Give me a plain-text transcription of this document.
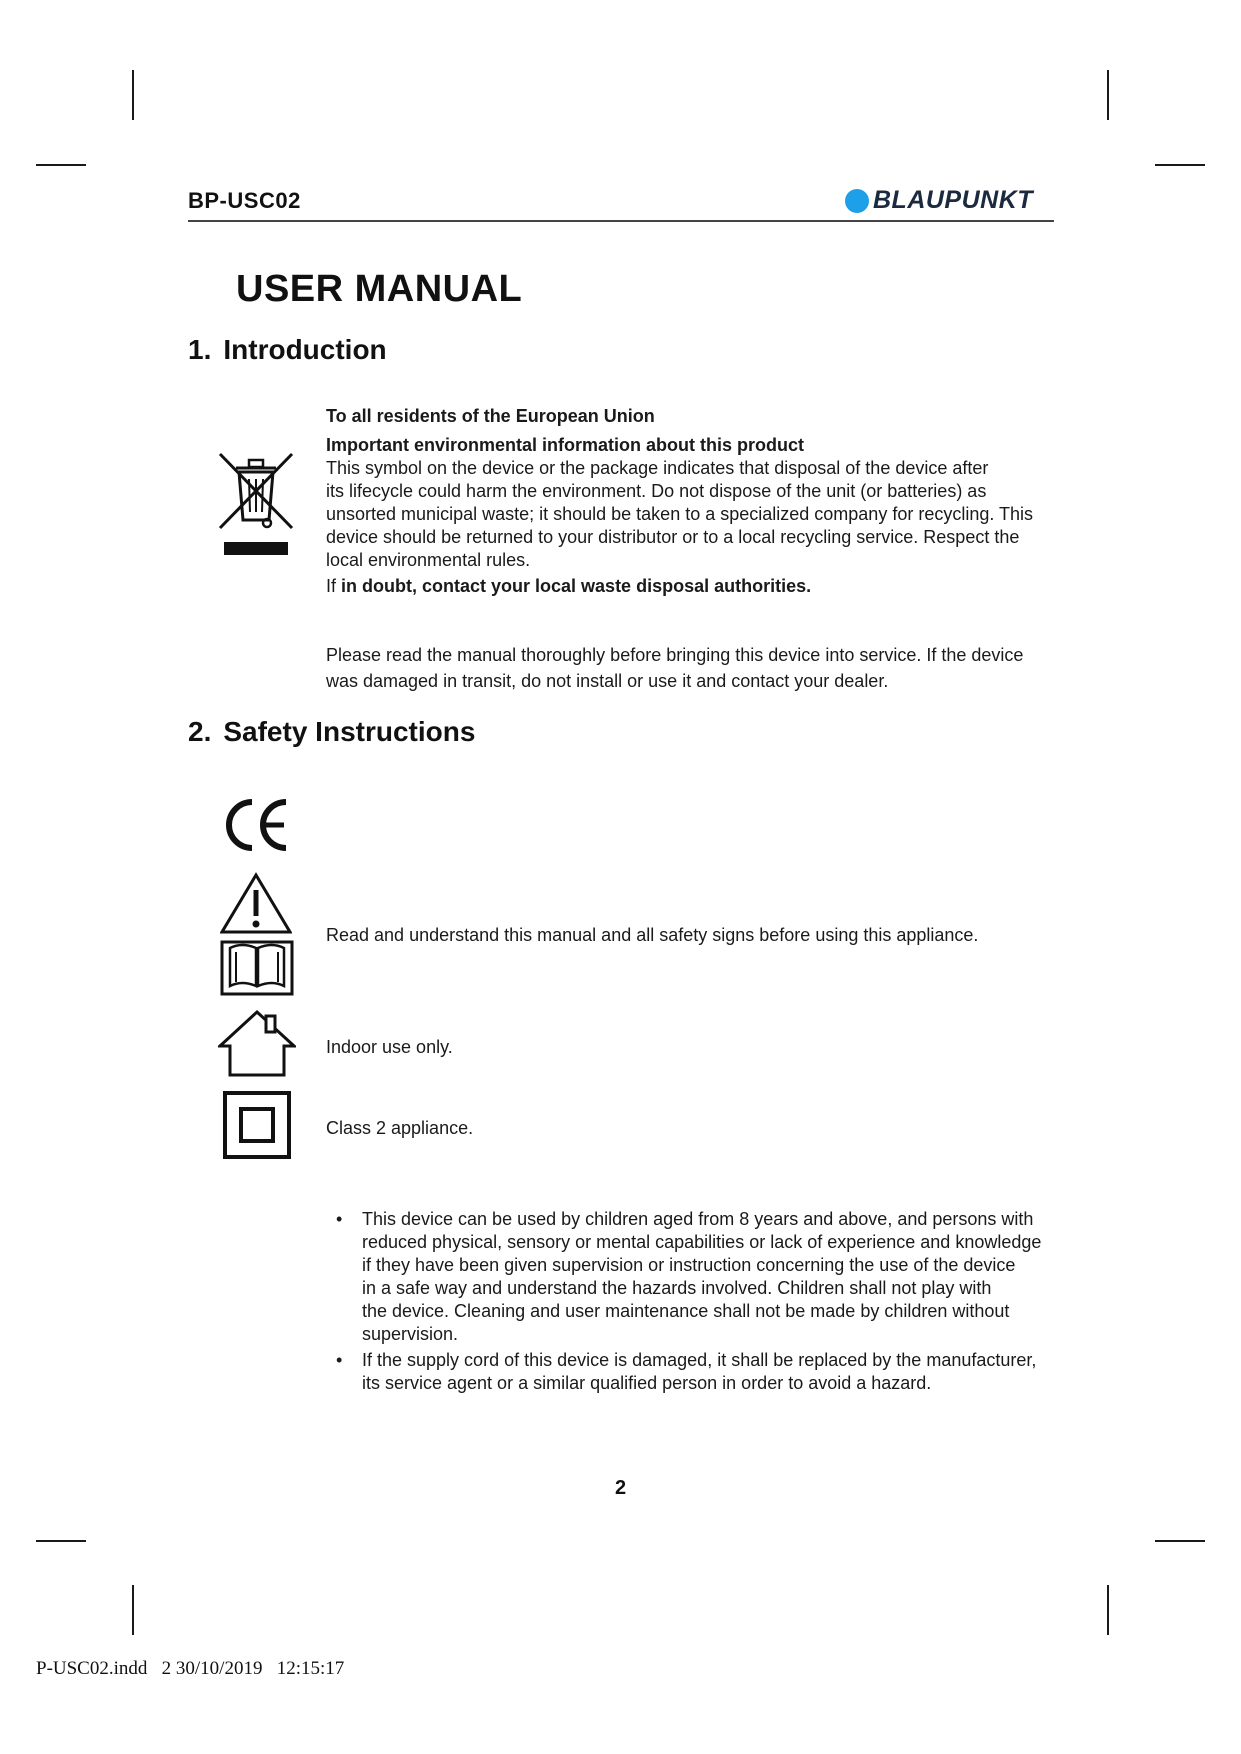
BP-USC02	BLAUPUNKT
USER MANUAL
1. Introduction
To all residents of the European Union
Important environmental information about this product
This symbol on the device or the package indicates that disposal of the device after
its lifecycle could harm the environment. Do not dispose of the unit (or batteries) as
unsorted municipal waste; it should be taken to a specialized company for recycling. This
device should be returned to your distributor or to a local recycling service. Respect the
local environmental rules.
If in doubt, contact your local waste disposal authorities.
Please read the manual thoroughly before bringing this device into service. If the device
was damaged in transit, do not install or use it and contact your dealer.
2. Safety Instructions
Read and understand this manual and all safety signs before using this appliance.
Indoor use only.
Class 2 appliance.
•	This device can be used by children aged from 8 years and above, and persons with
reduced physical, sensory or mental capabilities or lack of experience and knowledge
if they have been given supervision or instruction concerning the use of the device
in a safe way and understand the hazards involved. Children shall not play with
the device. Cleaning and user maintenance shall not be made by children without
supervision.
•	If the supply cord of this device is damaged, it shall be replaced by the manufacturer,
its service agent or a similar qualified person in order to avoid a hazard.
2
P-USC02.indd   2 30/10/2019   12:15:17
